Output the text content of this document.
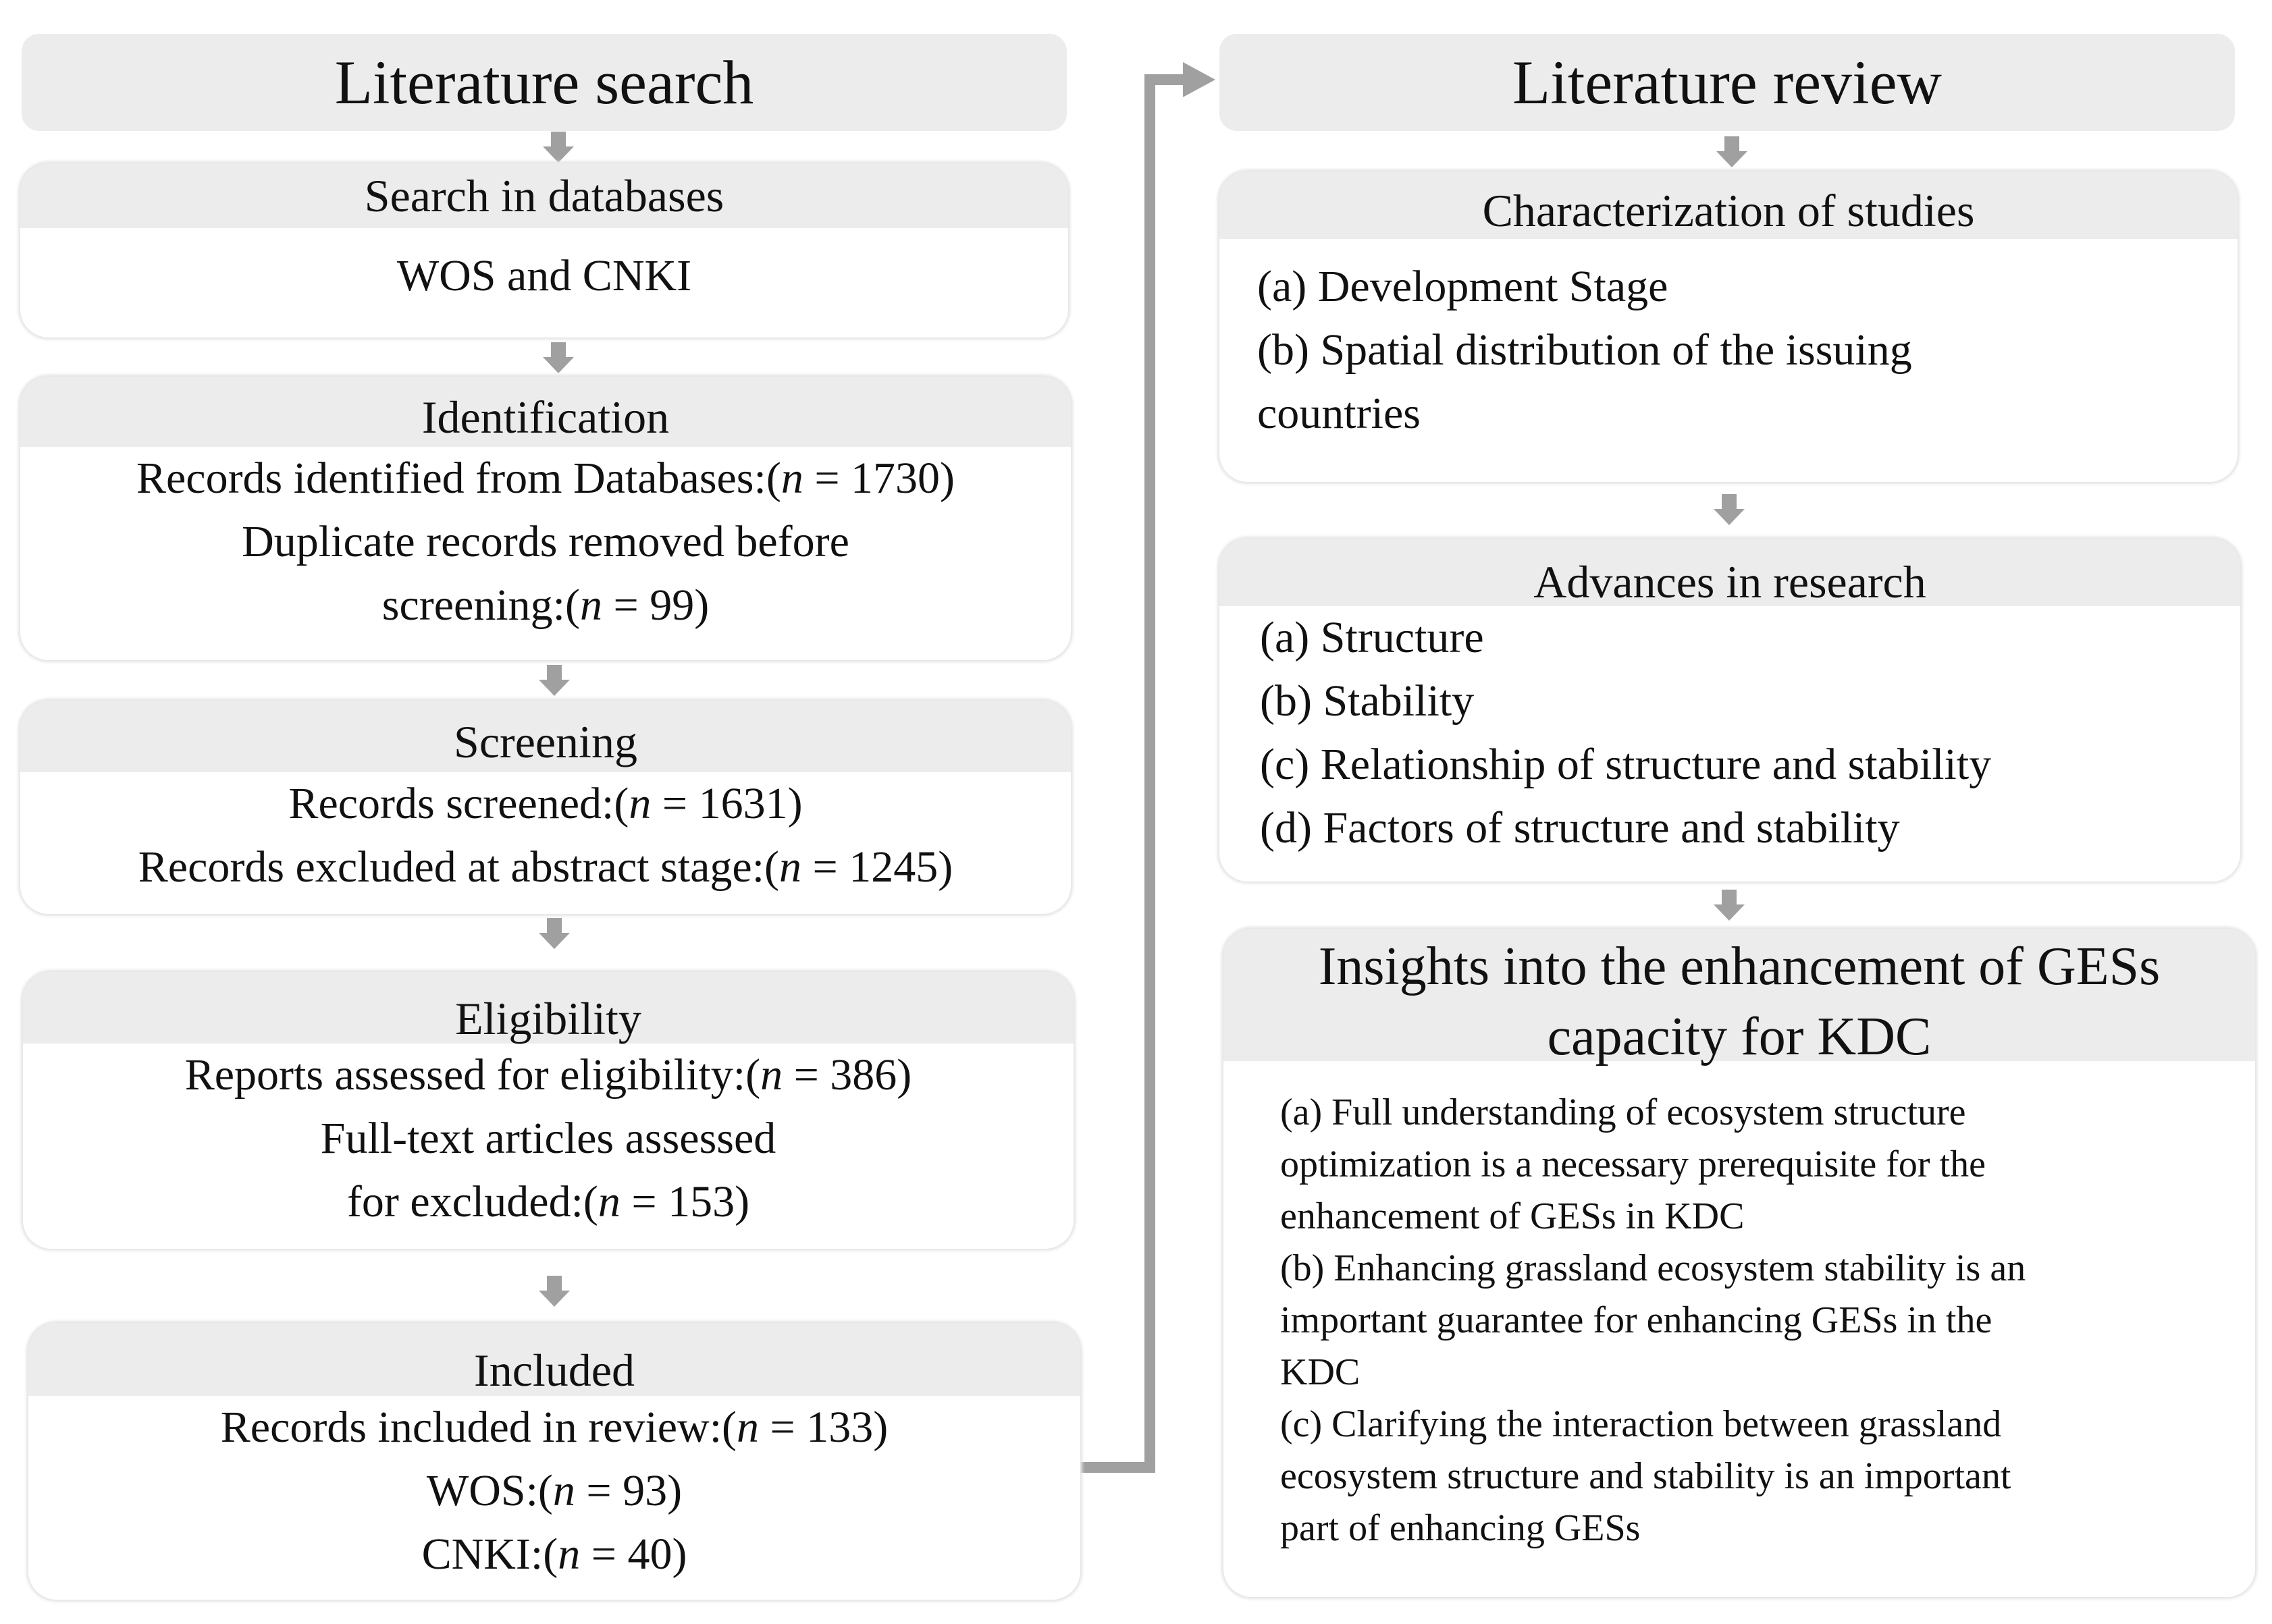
Literature search
Search in databases
WOS and CNKI
Identification
Records identified from Databases:(n = 1730)
Duplicate records removed before
screening:(n = 99)
Screening
Records screened:(n = 1631)
Records excluded at abstract stage:(n = 1245)
Eligibility
Reports assessed for eligibility:(n = 386)
Full-text articles assessed
for excluded:(n = 153)
Included
Records included in review:(n = 133)
WOS:(n = 93)
CNKI:(n = 40)
Literature review
Characterization of studies
(a) Development Stage
(b) Spatial distribution of the issuing
countries
Advances in research
(a) Structure
(b) Stability
(c) Relationship of structure and stability
(d) Factors of structure and stability
Insights into the enhancement of GESs
capacity for KDC
(a) Full understanding of ecosystem structure
optimization is a necessary prerequisite for the
enhancement of GESs in KDC
(b) Enhancing grassland ecosystem stability is an
important guarantee for enhancing GESs in the
KDC
(c) Clarifying the interaction between grassland
ecosystem structure and stability is an important
part of enhancing GESs
